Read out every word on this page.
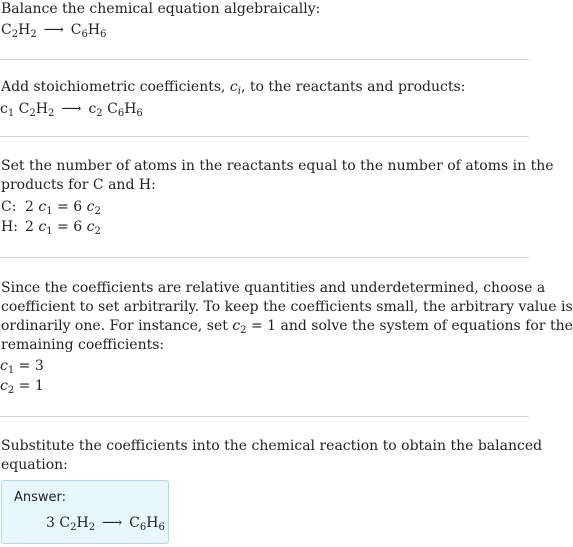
Balance the chemical equation algebraically:
$C_2H_2$ ⟶ $C_6H_6$
Add stoichiometric coefficients, $c_i$, to the reactants and products:
$c_1$ $C_2H_2$ ⟶ $c_2$ $C_6H_6$
Set the number of atoms in the reactants equal to the number of atoms in the
products for C and H:
C: 2 $c_1 = 6$ $c_2$
H: 2 $c_1 = 6$ $c_2$
Since the coefficients are relative quantities and underdetermined, choose a
coefficient to set arbitrarily. To keep the coefficients small, the arbitrary value is
ordinarily one. For instance, set $c_2 = 1$ and solve the system of equations for the
remaining coefficients:
$c_1 = 3$
$c_2 = 1$
Substitute the coefficients into the chemical reaction to obtain the balanced
equation:
Answer:
3 $C_2H_2$ ⟶ $C_6H_6$
